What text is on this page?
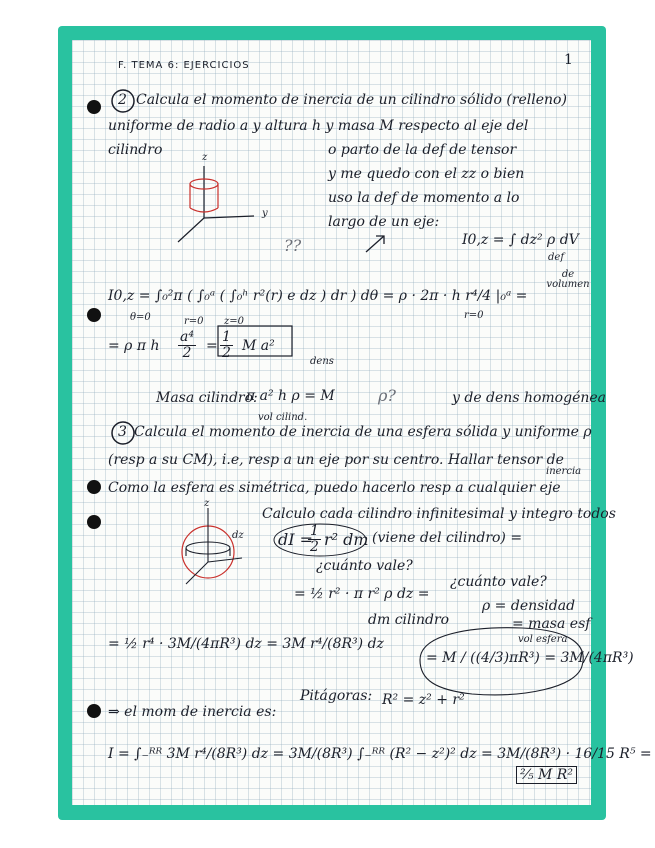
F. TEMA 6: EJERCICIOS	1
2 Calcula el momento de inercia de un cilindro sólido (relleno)
uniforme de radio a y altura h y masa M respecto al eje del
cilindro	z
y
o parto de la def de tensor
y me quedo con el zz o bien
uso la def de momento a lo
largo de un eje:
??	I0,z = ∫ dz² ρ dV
def
de volumen
I0,z = ∫₀²π ( ∫₀ᵃ ( ∫₀ʰ r²(r) e dz ) dr ) dθ = ρ · 2π · h r⁴/4 |₀ᵃ =
θ=0	r=0 z=0
r=0
= ρ π h $\frac{\text{a⁴}}{2} = \frac{1}{2}$ M a²
dens
Masa cilindro:
π a² h ρ = M
vol cilind.
ρ?	y de dens homogénea
3 Calcula el momento de inercia de una esfera sólida y uniforme ρ
(resp a su CM), i.e, resp a un eje por su centro. Hallar tensor de
inercia
Como la esfera es simétrica, puedo hacerlo resp a cualquier eje
Calculo cada cilindro infinitesimal y integro todos
z
dz dI =
$\frac{1}{2} r^2$ dm (viene del cilindro) =
¿cuánto vale?
= ½ r² · π r² ρ dz =
¿cuánto vale?
dm cilindro
ρ = densidad
= masa esf
vol esfera
= ½ r⁴ · 3M/(4πR³) dz = 3M r⁴/(8R³) dz
= M / ((4/3)πR³) = 3M/(4πR³)
⇒ el mom de inercia es:
Pitágoras: R² = z² + r²
I = ∫₋ᴿᴿ 3M r⁴/(8R³) dz = 3M/(8R³) ∫₋ᴿᴿ (R² − z²)² dz = 3M/(8R³) · 16/15 R⁵ =
⅖ M R²
